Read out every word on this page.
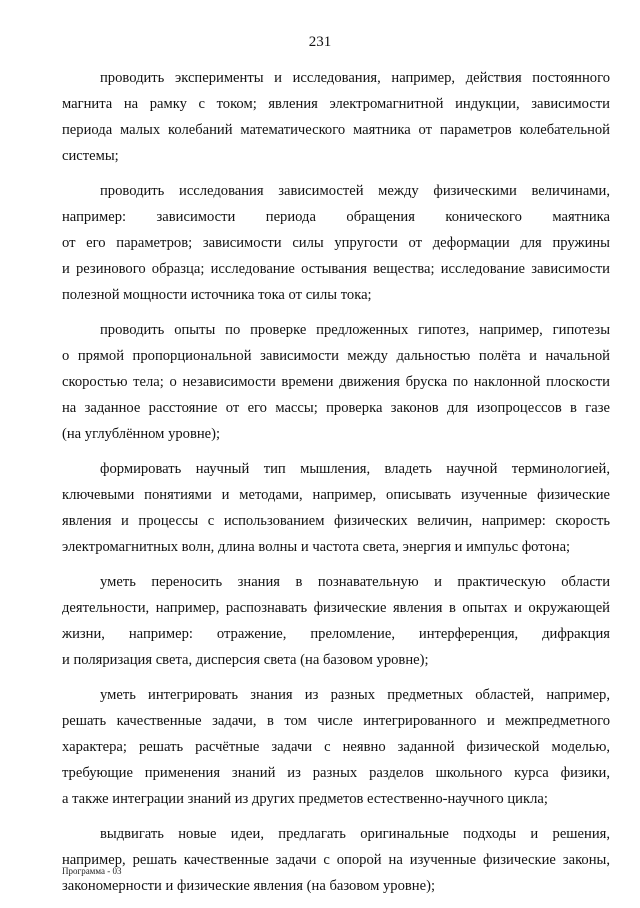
231
проводить эксперименты и исследования, например, действия постоянного
магнита на рамку с током; явления электромагнитной индукции, зависимости
периода малых колебаний математического маятника от параметров колебательной
системы;
проводить исследования зависимостей между физическими величинами,
например: зависимости периода обращения конического маятника
от его параметров; зависимости силы упругости от деформации для пружины
и резинового образца; исследование остывания вещества; исследование зависимости
полезной мощности источника тока от силы тока;
проводить опыты по проверке предложенных гипотез, например, гипотезы
о прямой пропорциональной зависимости между дальностью полёта и начальной
скоростью тела; о независимости времени движения бруска по наклонной плоскости
на заданное расстояние от его массы; проверка законов для изопроцессов в газе
(на углублённом уровне);
формировать научный тип мышления, владеть научной терминологией,
ключевыми понятиями и методами, например, описывать изученные физические
явления и процессы с использованием физических величин, например: скорость
электромагнитных волн, длина волны и частота света, энергия и импульс фотона;
уметь переносить знания в познавательную и практическую области
деятельности, например, распознавать физические явления в опытах и окружающей
жизни, например: отражение, преломление, интерференция, дифракция
и поляризация света, дисперсия света (на базовом уровне);
уметь интегрировать знания из разных предметных областей, например,
решать качественные задачи, в том числе интегрированного и межпредметного
характера; решать расчётные задачи с неявно заданной физической моделью,
требующие применения знаний из разных разделов школьного курса физики,
а также интеграции знаний из других предметов естественно-научного цикла;
выдвигать новые идеи, предлагать оригинальные подходы и решения,
например, решать качественные задачи с опорой на изученные физические законы,
закономерности и физические явления (на базовом уровне);
Программа - 03
